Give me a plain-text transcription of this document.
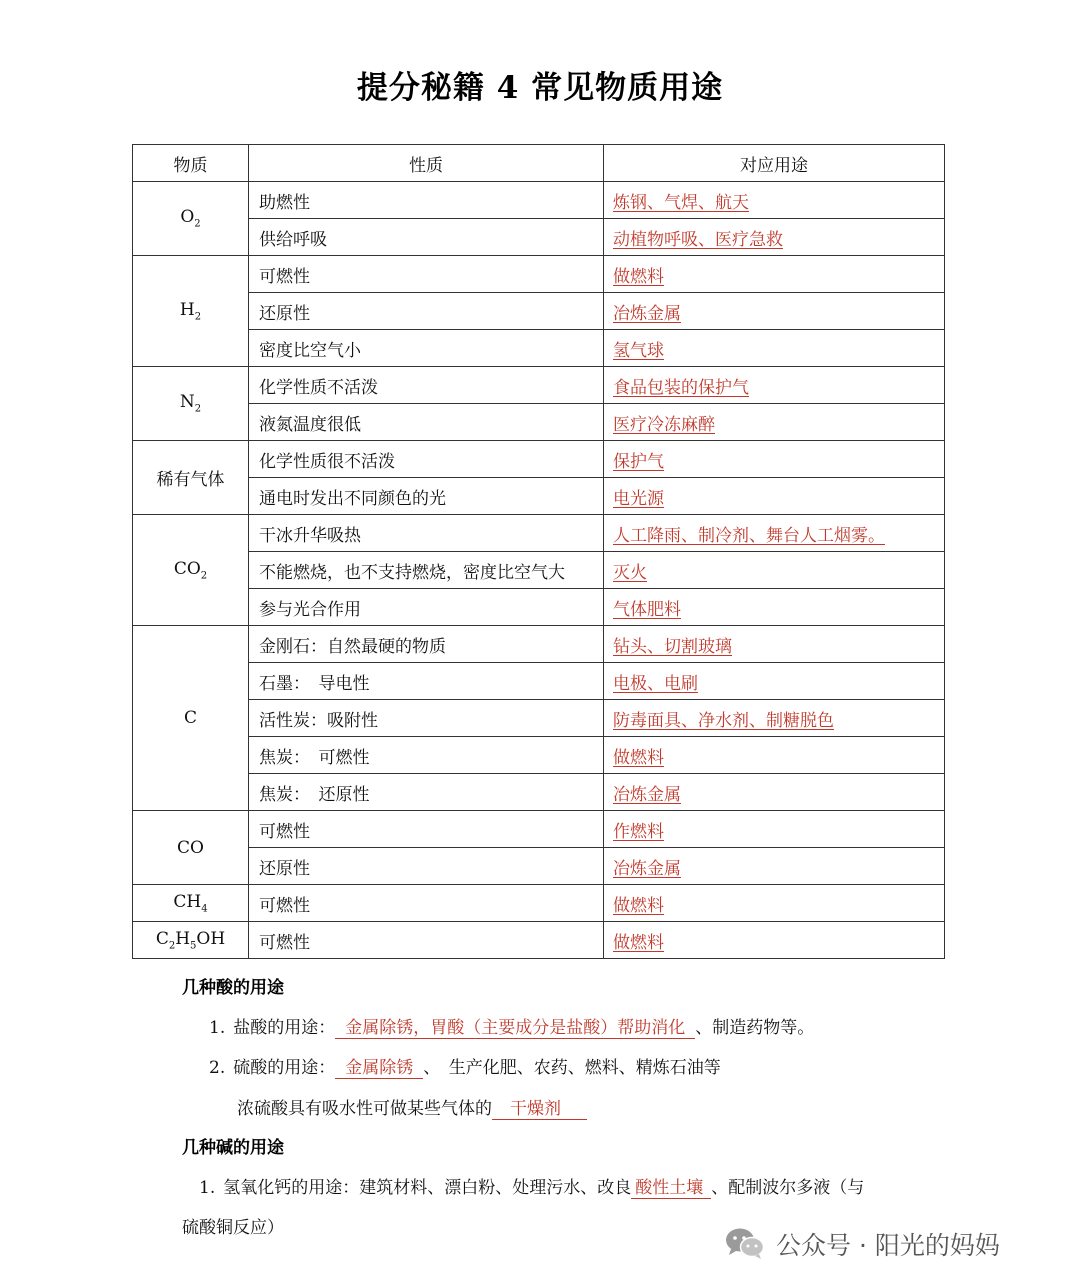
提分秘籍 4 常见物质用途
物质	性质	对应用途
$O_2$	助燃性	炼钢、气焊、航天
	供给呼吸	动植物呼吸、医疗急救
$H_2$	可燃性	做燃料
	还原性	冶炼金属
	密度比空气小	氢气球
$N_2$	化学性质不活泼	食品包装的保护气
	液氮温度很低	医疗冷冻麻醉
稀有气体	化学性质很不活泼	保护气
	通电时发出不同颜色的光	电光源
$CO_2$	干冰升华吸热	人工降雨、制冷剂、舞台人工烟雾。
	不能燃烧，也不支持燃烧，密度比空气大	灭火
	参与光合作用	气体肥料
C	金刚石：自然最硬的物质	钻头、切割玻璃
	石墨：　导电性	电极、电刷
	活性炭：吸附性	防毒面具、净水剂、制糖脱色
	焦炭：　可燃性	做燃料
	焦炭：　还原性	冶炼金属
CO	可燃性	作燃料
	还原性	冶炼金属
$CH_4$	可燃性	做燃料
$C_2H_5OH$	可燃性	做燃料
几种酸的用途
1. 盐酸的用途： 金属除锈，胃酸（主要成分是盐酸）帮助消化 、制造药物等。
2. 硫酸的用途： 金属除锈 、　生产化肥、农药、燃料、精炼石油等
浓硫酸具有吸水性可做某些气体的 干燥剂
几种碱的用途
1. 氢氧化钙的用途：建筑材料、漂白粉、处理污水、改良 酸性土壤 、配制波尔多液（与
硫酸铜反应）
公众号 · 阳光的妈妈
